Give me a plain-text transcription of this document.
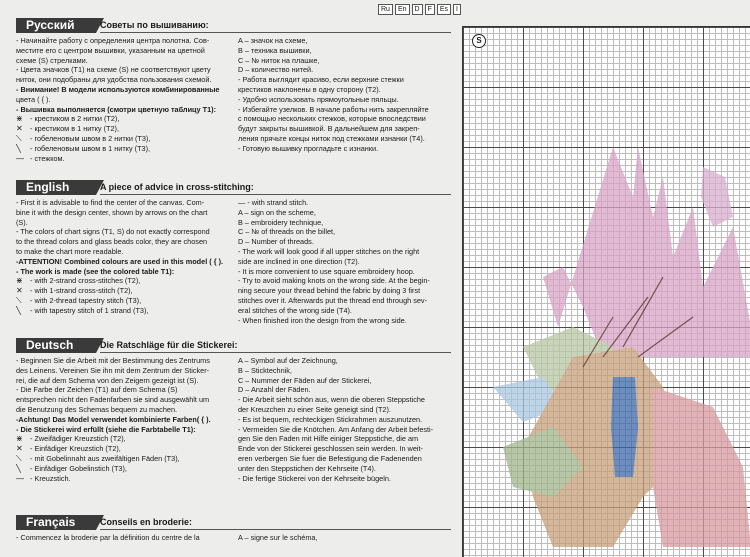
Ru	En	D	F	Es	I
Русский	Советы по вышиванию:
- Начинайте работу с определения центра полотна. Сов-
местите его с центром вышивки, указанным на цветной
схеме (S) стрелками.
- Цвета значков (T1) на схеме (S) не соответствуют цвету
ниток, они подобраны для удобства пользования схемой.
- Внимание! В модели используются комбинированные
цвета ( { ).
- Вышивка выполняется (смотри цветную таблицу T1):
⋇ - крестиком в 2 нитки (T2),
✕ - крестиком в 1 нитку (T2),
⟍ - гобеленовым швом в 2 нитки (T3),
╲ - гобеленовым швом в 1 нитку (T3),
— - стежком.
A – значок на схеме,
B – техника вышивки,
C – № ниток на плашке,
D – количество нитей.
- Работа выглядит красиво, если верхние стежки
крестиков наклонены в одну сторону (T2).
- Удобно использовать прямоугольные пяльцы.
- Избегайте узелков. В начале работы нить закрепляйте
с помощью нескольких стежков, которые впоследствии
будут закрыты вышивкой. В дальнейшем для закреп-
ления прячьте концы ниток под стежками изнанки (T4).
- Готовую вышивку прогладьте с изнанки.
English	A piece of advice in cross-stitching:
- First it is advisable to find the center of the canvas. Com-
bine it with the design center, shown by arrows on the chart
(S).
- The colors of chart signs (T1, S) do not exactly correspond
to the thread colors and glass beads color, they are chosen
to make the chart more readable.
-ATTENTION! Combined colours are used in this model ( { ).
- The work is made (see the colored table T1):
⋇ - with 2-strand cross-stitches (T2),
✕ - with 1-strand cross-stitch (T2),
⟍ - with 2-thread tapestry stitch (T3),
╲ - with tapestry stitch of 1 strand (T3),
— - with strand stitch.
A – sign on the scheme,
B – embroidery technique,
C – № of threads on the billet,
D – Number of threads.
- The work will look good if all upper stitches on the right
side are inclined in one direction (T2).
- It is more convenient to use square embroidery hoop.
- Try to avoid making knots on the wrong side. At the begin-
ning secure your thread behind the fabric by doing 3 first
stitches over it. Afterwards put the thread end through sev-
eral stitches of the wrong side (T4).
- When finished iron the design from the wrong side.
Deutsch	Die Ratschläge für die Stickerei:
- Beginnen Sie die Arbeit mit der Bestimmung des Zentrums
des Leinens. Vereinen Sie ihn mit dem Zentrum der Sticker-
rei, die auf dem Schema von den Zeigern gezeigt ist (S).
- Die Farbe der Zeichen (T1) auf dem Schema (S)
entsprechen nicht den Fadenfarben sie sind ausgewählt um
die Benutzung des Schemas bequem zu machen.
-Achtung! Das Model verwendet kombinierte Farben( { ).
- Die Stickerei wird erfüllt (siehe die Farbtabelle T1):
⋇ - Zweifädiger Kreuzstich (T2),
✕ - Einfädiger Kreuzstich (T2),
⟍ - mit Gobelinnaht aus zweifältigen Fäden (T3),
╲ - Einfädiger Gobelinstich (T3),
— - Kreuzstich.
A – Symbol auf der Zeichnung,
B – Sticktechnik,
C – Nummer der Fäden auf der Stickerei,
D – Anzahl der Fäden.
- Die Arbeit sieht schön aus, wenn die oberen Steppstiche
der Kreuzchen zu einer Seite geneigt sind (T2).
- Es ist bequem, rechteckigen Stickrahmen auszunutzen.
- Vermeiden Sie die Knötchen. Am Anfang der Arbeit befesti-
gen Sie den Faden mit Hilfe einiger Steppstiche, die am
Ende von der Stickerei geschlossen sein werden. In weit-
eren verbergen Sie fuer die Befestigung die Fadenenden
unter den Steppstichen der Kehrseite (T4).
- Die fertige Stickerei von der Kehrseite bügeln.
Français	Conseils en broderie:
- Commencez la broderie par la définition du centre de la	A – signe sur le schéma,
S
